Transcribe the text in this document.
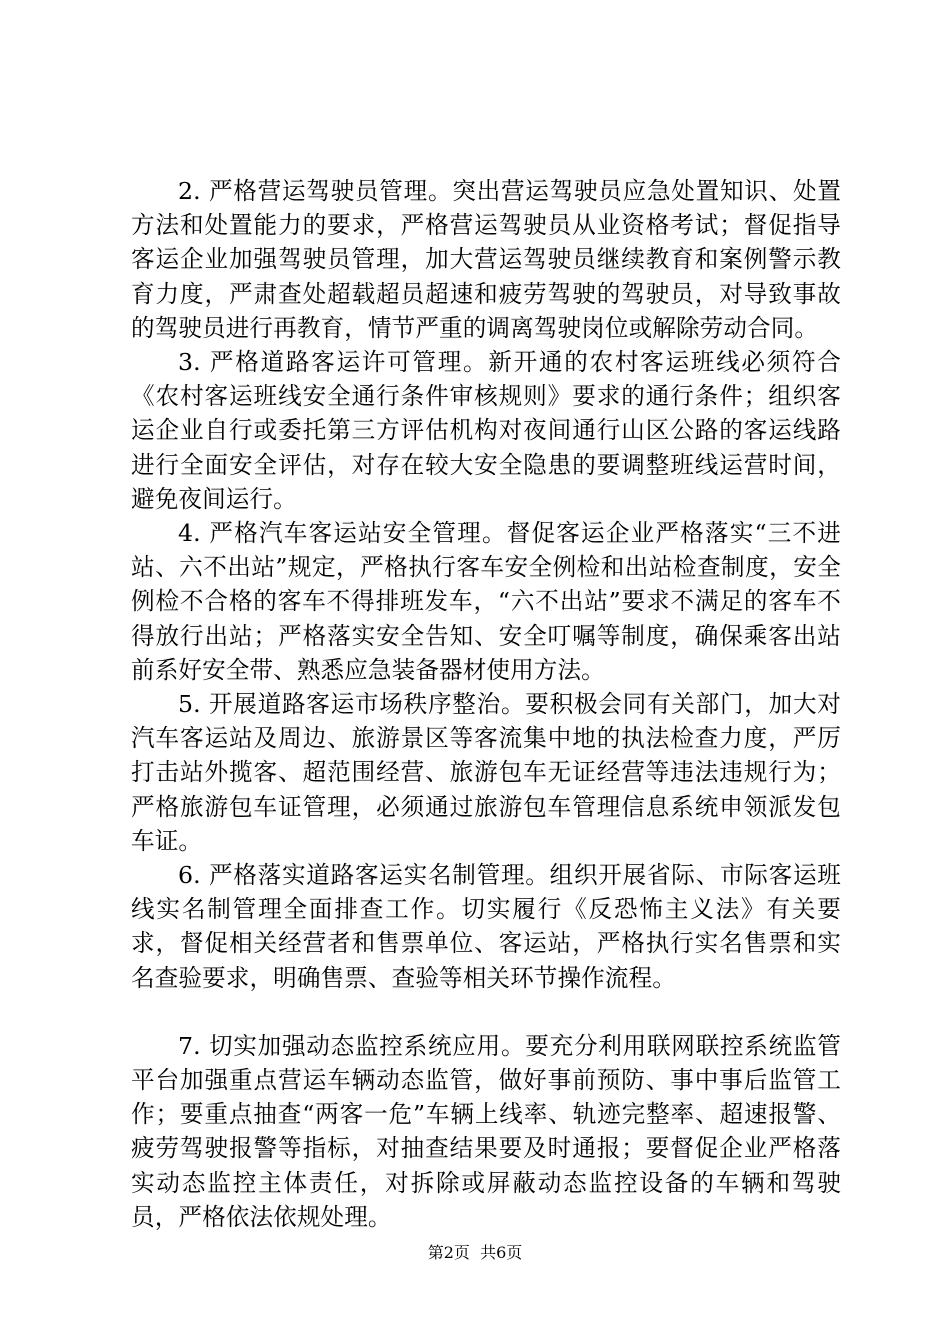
2. 严格营运驾驶员管理。突出营运驾驶员应急处置知识、处置方法和处置能力的要求，严格营运驾驶员从业资格考试；督促指导客运企业加强驾驶员管理，加大营运驾驶员继续教育和案例警示教育力度，严肃查处超载超员超速和疲劳驾驶的驾驶员，对导致事故的驾驶员进行再教育，情节严重的调离驾驶岗位或解除劳动合同。

3. 严格道路客运许可管理。新开通的农村客运班线必须符合《农村客运班线安全通行条件审核规则》要求的通行条件；组织客运企业自行或委托第三方评估机构对夜间通行山区公路的客运线路进行全面安全评估，对存在较大安全隐患的要调整班线运营时间，避免夜间运行。

4. 严格汽车客运站安全管理。督促客运企业严格落实“三不进站、六不出站”规定，严格执行客车安全例检和出站检查制度，安全例检不合格的客车不得排班发车，“六不出站”要求不满足的客车不得放行出站；严格落实安全告知、安全叮嘱等制度，确保乘客出站前系好安全带、熟悉应急装备器材使用方法。

5. 开展道路客运市场秩序整治。要积极会同有关部门，加大对汽车客运站及周边、旅游景区等客流集中地的执法检查力度，严厉打击站外揽客、超范围经营、旅游包车无证经营等违法违规行为；严格旅游包车证管理，必须通过旅游包车管理信息系统申领派发包车证。

6. 严格落实道路客运实名制管理。组织开展省际、市际客运班线实名制管理全面排查工作。切实履行《反恐怖主义法》有关要求，督促相关经营者和售票单位、客运站，严格执行实名售票和实名查验要求，明确售票、查验等相关环节操作流程。

7. 切实加强动态监控系统应用。要充分利用联网联控系统监管平台加强重点营运车辆动态监管，做好事前预防、事中事后监管工作；要重点抽查“两客一危”车辆上线率、轨迹完整率、超速报警、疲劳驾驶报警等指标，对抽查结果要及时通报；要督促企业严格落实动态监控主体责任，对拆除或屏蔽动态监控设备的车辆和驾驶员，严格依法依规处理。

第2页 共6页
